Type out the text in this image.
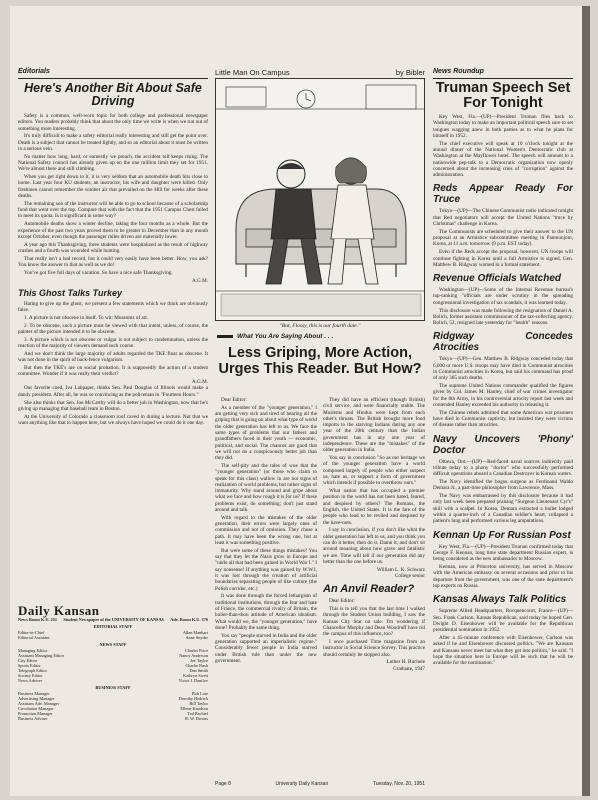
Editorials
Here's Another Bit About Safe Driving

Safety is a common, well-worn topic for both college and professional newspaper editors. You readers probably think that about the only time we write is when we run out of something more interesting.

It's truly difficult to make a safety editorial really interesting and still get the point over. Death is a subject that cannot be treated lightly, and so an editorial about it must be written in a serious vein.

No matter how long, hard, or earnestly we preach, the accident toll keeps rising. The National Safety council has already given up on the one million limit they set for 1951. We're almost there and still climbing.

When you get right down to it, it is very seldom that an automobile death hits close to home. Last year four KU students, an instructor, his wife and daughter were killed. Only freshmen cannot remember the somber air that prevailed on the Hill for weeks after these deaths.

The remaining son of the instructor will be able to go to school because of a scholarship fund that went over the top. Compare that with the fact that the 1951 Campus Chest failed to meet its quota. Is it significant in some way?

Automobile deaths show a winter decline, taking the four months as a whole. But the experience of the past two years proved them to be greater in December than in any month except October, even though the passenger miles driven are materially lower.

A year ago this Thanksgiving, three students were hospitalized as the result of highway crashes and a fourth was wounded while hunting.

That really isn't a bad record, but it could very easily have been better. How, you ask? You know the answer to that as well as we do!

You've got five full days of vacation. So have a nice safe Thanksgiving.

A.G.M.
This Ghost Talks Turkey

Hating to give up the ghost, we present a few statements which we think are obviously false.

1. A picture is not obscene in itself. To wit: Museums of art.

2. To be obscene, such a picture must be viewed with that intent, unless, of course, the painter of the picture intended it to be obscene.

3. A picture which is not obscene or vulgar is not subject to condemnation, unless the reaction of the majority of viewers demand such course.

And we don't think the large majority of adults regarded the TKE float as obscene. It was not done in the spirit of back-fence vulgarism.

But then the TKE's are on social probation. It is supposedly the action of a student committee. Wonder if it was really their verdict?

A.G.M.

Our favorite coed, Iva Labpaper, thinks Sen. Paul Douglas of Illinois would make a dandy president. After all, he was so convincing as the policeman in "Fourteen Hours."

She also thinks that Sen. Joe McCarthy will do a better job in Washington, now that he's giving up managing that baseball team in Boston.

At the University of Colorado a classroom roof caved in during a lecture. Not that we want anything like that to happen here, but we always have hoped we could do it one day.

Daily Kansan
News Room K.U. 251 Student Newspaper of the UNIVERSITY OF KANSAS Adv. Room K.U. 376
EDITORIAL STAFF
Editor-in-Chief	Allan Manhart
Editorial Assistant	Anne Snyder
NEWS STAFF
Managing Editor	Charles Price
Assistant Managing Editor	Nancy Anderson
City Editor	Joe Taylor
Sports Editor	Charlie Bush
Telegraph Editor	Dan Smith
Society Editor	Kathryn Swett
News Adviser	Victor J. Danilov
BUSINESS STAFF
Business Manager	Bob Lotz
Advertising Manager	Dorothy Hedrick
Assistant Adv. Manager	Bill Taylor
Circulation Manager	Ellene Knudson
Promotion Manager	Ted Bachtel
Business Adviser	R. W. Downs
Little Man On Campus	by Bibler
"But, Flossy, this is our fourth date."
What You Are Saying About . . .
Less Griping, More Action, Urges This Reader. But How?

Dear Editor:

As a member of the "younger generation," I am getting very sick and tired of hearing all the griping that is going on about what type of world the older generation has left to us. We face the same types of problems that our fathers and grandfathers faced in their youth — economic, political, and social. The chances are good that we will not do a conspicuously better job than they did.

The self-pity and the tales of woe that the "younger generation" (or those who claim to speak for this class) wallow in are not signs of realization of world problems, but rather signs of immaturity. Why stand around and gripe about what we face and how rough it is for us? If these problems exist, do something; don't just stand around and talk.

With regard to the mistakes of the older generation, their errors were largely ones of commission and not of omission. They chose a path. It may have been the wrong one, but at least it was something positive.

But were some of these things mistakes? You say that they let the Nazis grow in Europe and "undo all that had been gained in World War I." I say nonsense! If anything was gained by W.W.I, it was lost through the creation of artificial boundaries separating people of like culture (the Polish corridor, etc.)

It was done through the forced lethargism of traditional institutions, through the fear and hate of France, the commercial rivalry of Britain, the holier-than-thou attitude of American idealism. What would we, the "younger generation," have done? Probably the same thing.

You say "people starved in India and the older generation supported an imperialistic regime." Considerably fewer people in India starved under British rule than under the new government.

They did have an efficient (though British) civil service, and were financially stable. The Moslems and Hindus were kept from each other's throats. The British brought more food imports to the starving Indians during any one year of the 20th century than the Indian government has in any one year of independence. These are the "mistakes" of the older generation in India.

You say in conclusion "So as our heritage we of the younger generation have a world composed largely of people who either suspect us, hate us, or support a form of government which intends if possible to overthrow ours."

What nation that has occupied a premier position in the world has not been hated, feared, and despised by others? The Romans, the English, the United States. It is the fate of the people who lead to be reviled and despised by the have-nots.

I say in conclusion, if you don't like what the older generation has left to us, and you think you can do it better, then do it. Damn it, and don't sit around moaning about how grave and fatalistic we are. Time will tell if our generation did any better than the one before us.

William L. K. Schwarz
College senior
An Anvil Reader?

Dear Editor:

This is to tell you that the last time I walked through the Student Union building, I saw the Kansas City Star on sale. I'm wondering if Chancellor Murphy and Dean Woodruff have rid the campus of this influence, too?

I once purchased Time magazine from an instructor in Social Science Survey. This practice should certainly be stopped also.

Luther H. Buchele
Graduate, 1947
Page 8	University Daily Kansan	Tuesday, Nov. 20, 1951
News Roundup
Truman Speech Set For Tonight

Key West, Fla.—(UP)—President Truman flies back to Washington today to make an important political speech sure to set tongues wagging anew in both parties as to what he plans for himself in 1952.

The chief executive will speak at 10 o'clock tonight at the annual dinner of the National Women's Democratic club at Washington at the Mayflower hotel. The speech will amount to a nationwide pep-talk to a Democratic organization now openly concerned about the increasing cries of "corruption" against the administration.

Reds Appear Ready For Truce

Tokyo—(UP)—The Chinese Communist radio indicated tonight that Red negotiators will accept the United Nations "truce by Christmas" challenge in Korea.

The Communists are scheduled to give their answer to the UN proposal at an Armistice subcommittee meeting in Panmunjom, Korea, at 11 a.m. tomorrow (9 p.m. EST today).

Even if the Reds accept the proposal, however, UN troops will continue fighting in Korea until a full Armistice is signed, Gen. Matthew B. Ridgway warned in a formal statement.

Revenue Officials Watched

Washington—(UP)—Some of the Internal Revenue bureau's top-ranking "officials are under scrutiny in the spreading congressional investigation of tax scandals, it was learned today.

This disclosure was made following the resignation of Daniel A. Bolich, former assistant commissioner of the tax-collecting agency. Bolich, 52, resigned late yesterday for "health" reasons.

Ridgway Concedes Atrocities

Tokyo—(UP)—Gen. Matthew B. Ridgway conceded today that 6,000 or more U.S. troops may have died in Communist atrocities in Communist atrocities in Korea, but said his command has proof of only 365 such deaths.

The supreme United Nations commander qualified the figures given by Col. James M. Hanley, chief of war crimes investigator for the 8th Army, in his controversial atrocity report last week and contended Hanley exceeded his authority in releasing it.

The Chinese rebels admitted that some American war prisoners have died in Communist captivity, but insisted they were victims of disease rather than atrocities.

Navy Uncovers 'Phony' Doctor

Ottawa, Ont.—(UP)—Red-faced naval sources indirectly paid tribute today to a phony "doctor" who successfully performed difficult operations aboard a Canadian Destroyer in Korean waters.

The Navy identified the bogus surgeon as Ferdinand Waldo Demara Jr., a part-time philosopher from Lawrence, Mass.

The Navy was embarrassed by this disclosure because it had only last week been prepared praising "Surgeon Lieutenant Cyr's" skill with a scalpel. In Korea, Demara extracted a bullet lodged within a quarter-inch of a Canadian soldier's heart, collapsed a patient's lung and performed various leg amputations.

Kennan Up For Russian Post

Key West, Fla.—(UP)—President Truman confirmed today that George F. Kennan, long time state department Russian expert, is being considered as the new ambassador to Moscow.

Kennan, now at Princeton university, has served in Moscow with the American embassy on several occasions and prior to his departure from the government, was one of the state department's top experts on Russia.

Kansas Always Talk Politics

Supreme Allied Headquarters, Rocquencourt, France—(UP)—Sen. Frank Carlson, Kansas Republican, said today he hoped Gen. Dwight D. Eisenhower will be available for the Republican presidential nomination in 1952.

After a 45-minute conference with Eisenhower, Carlson was asked if he and Eisenhower discussed politics. "We are Kansans and Kansans never meet but what they get into politics," he said. "I hope the situation here in Europe will be such that he will be available for the nomination."
